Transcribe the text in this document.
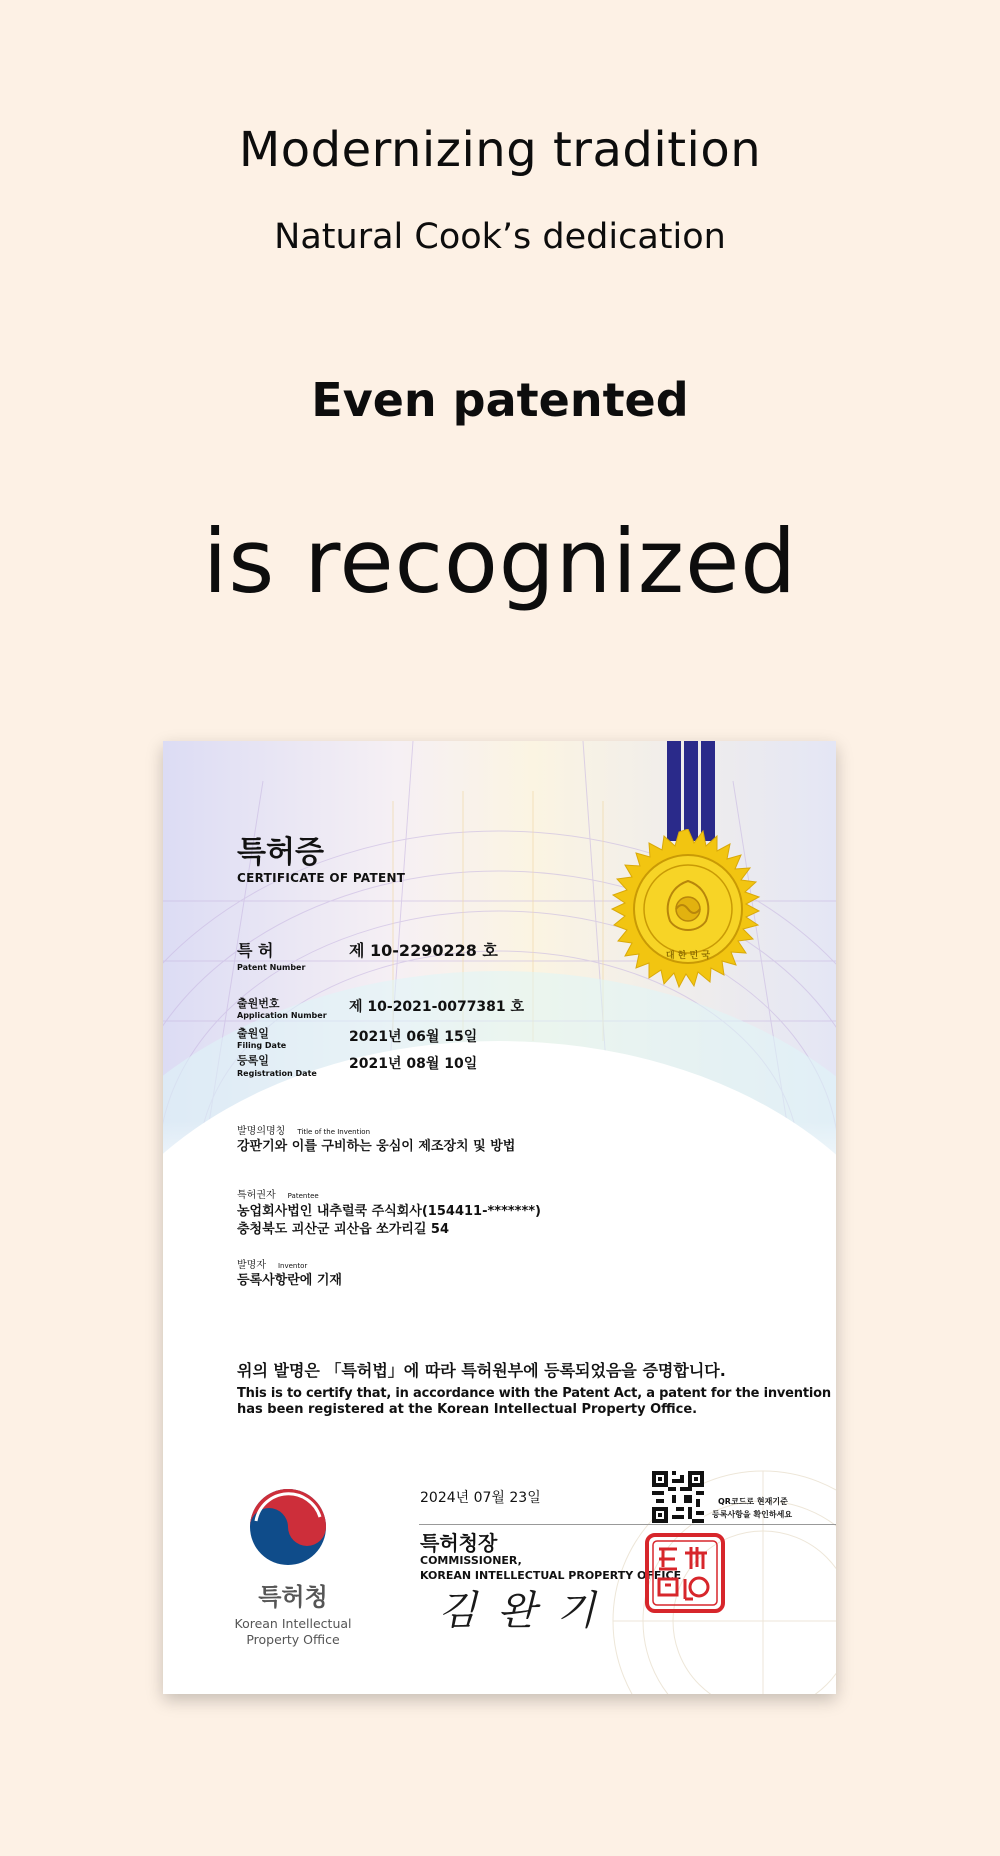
Modernizing tradition
Natural Cook’s dedication
Even patented
is recognized
대 한 민 국
특허증
CERTIFICATE OF PATENT
특 허
Patent Number
제 10-2290228 호
출원번호
Application Number
제 10-2021-0077381 호
출원일
Filing Date
2021년 06월 15일
등록일
Registration Date
2021년 08월 10일
발명의명칭 Title of the Invention
강판기와 이를 구비하는 웅심이 제조장치 및 방법
특허권자 Patentee
농업회사법인 내추럴쿡 주식회사(154411-*******)
충청북도 괴산군 괴산읍 쏘가리길 54
발명자 Inventor
등록사항란에 기재
위의 발명은 「특허법」에 따라 특허원부에 등록되었음을 증명합니다.
This is to certify that, in accordance with the Patent Act, a patent for the invention
has been registered at the Korean Intellectual Property Office.
특허청
Korean Intellectual
Property Office
2024년 07월 23일	QR코드로 현재기준
등록사항을 확인하세요
특허청장
COMMISSIONER,
KOREAN INTELLECTUAL PROPERTY OFFICE
김 완 기
